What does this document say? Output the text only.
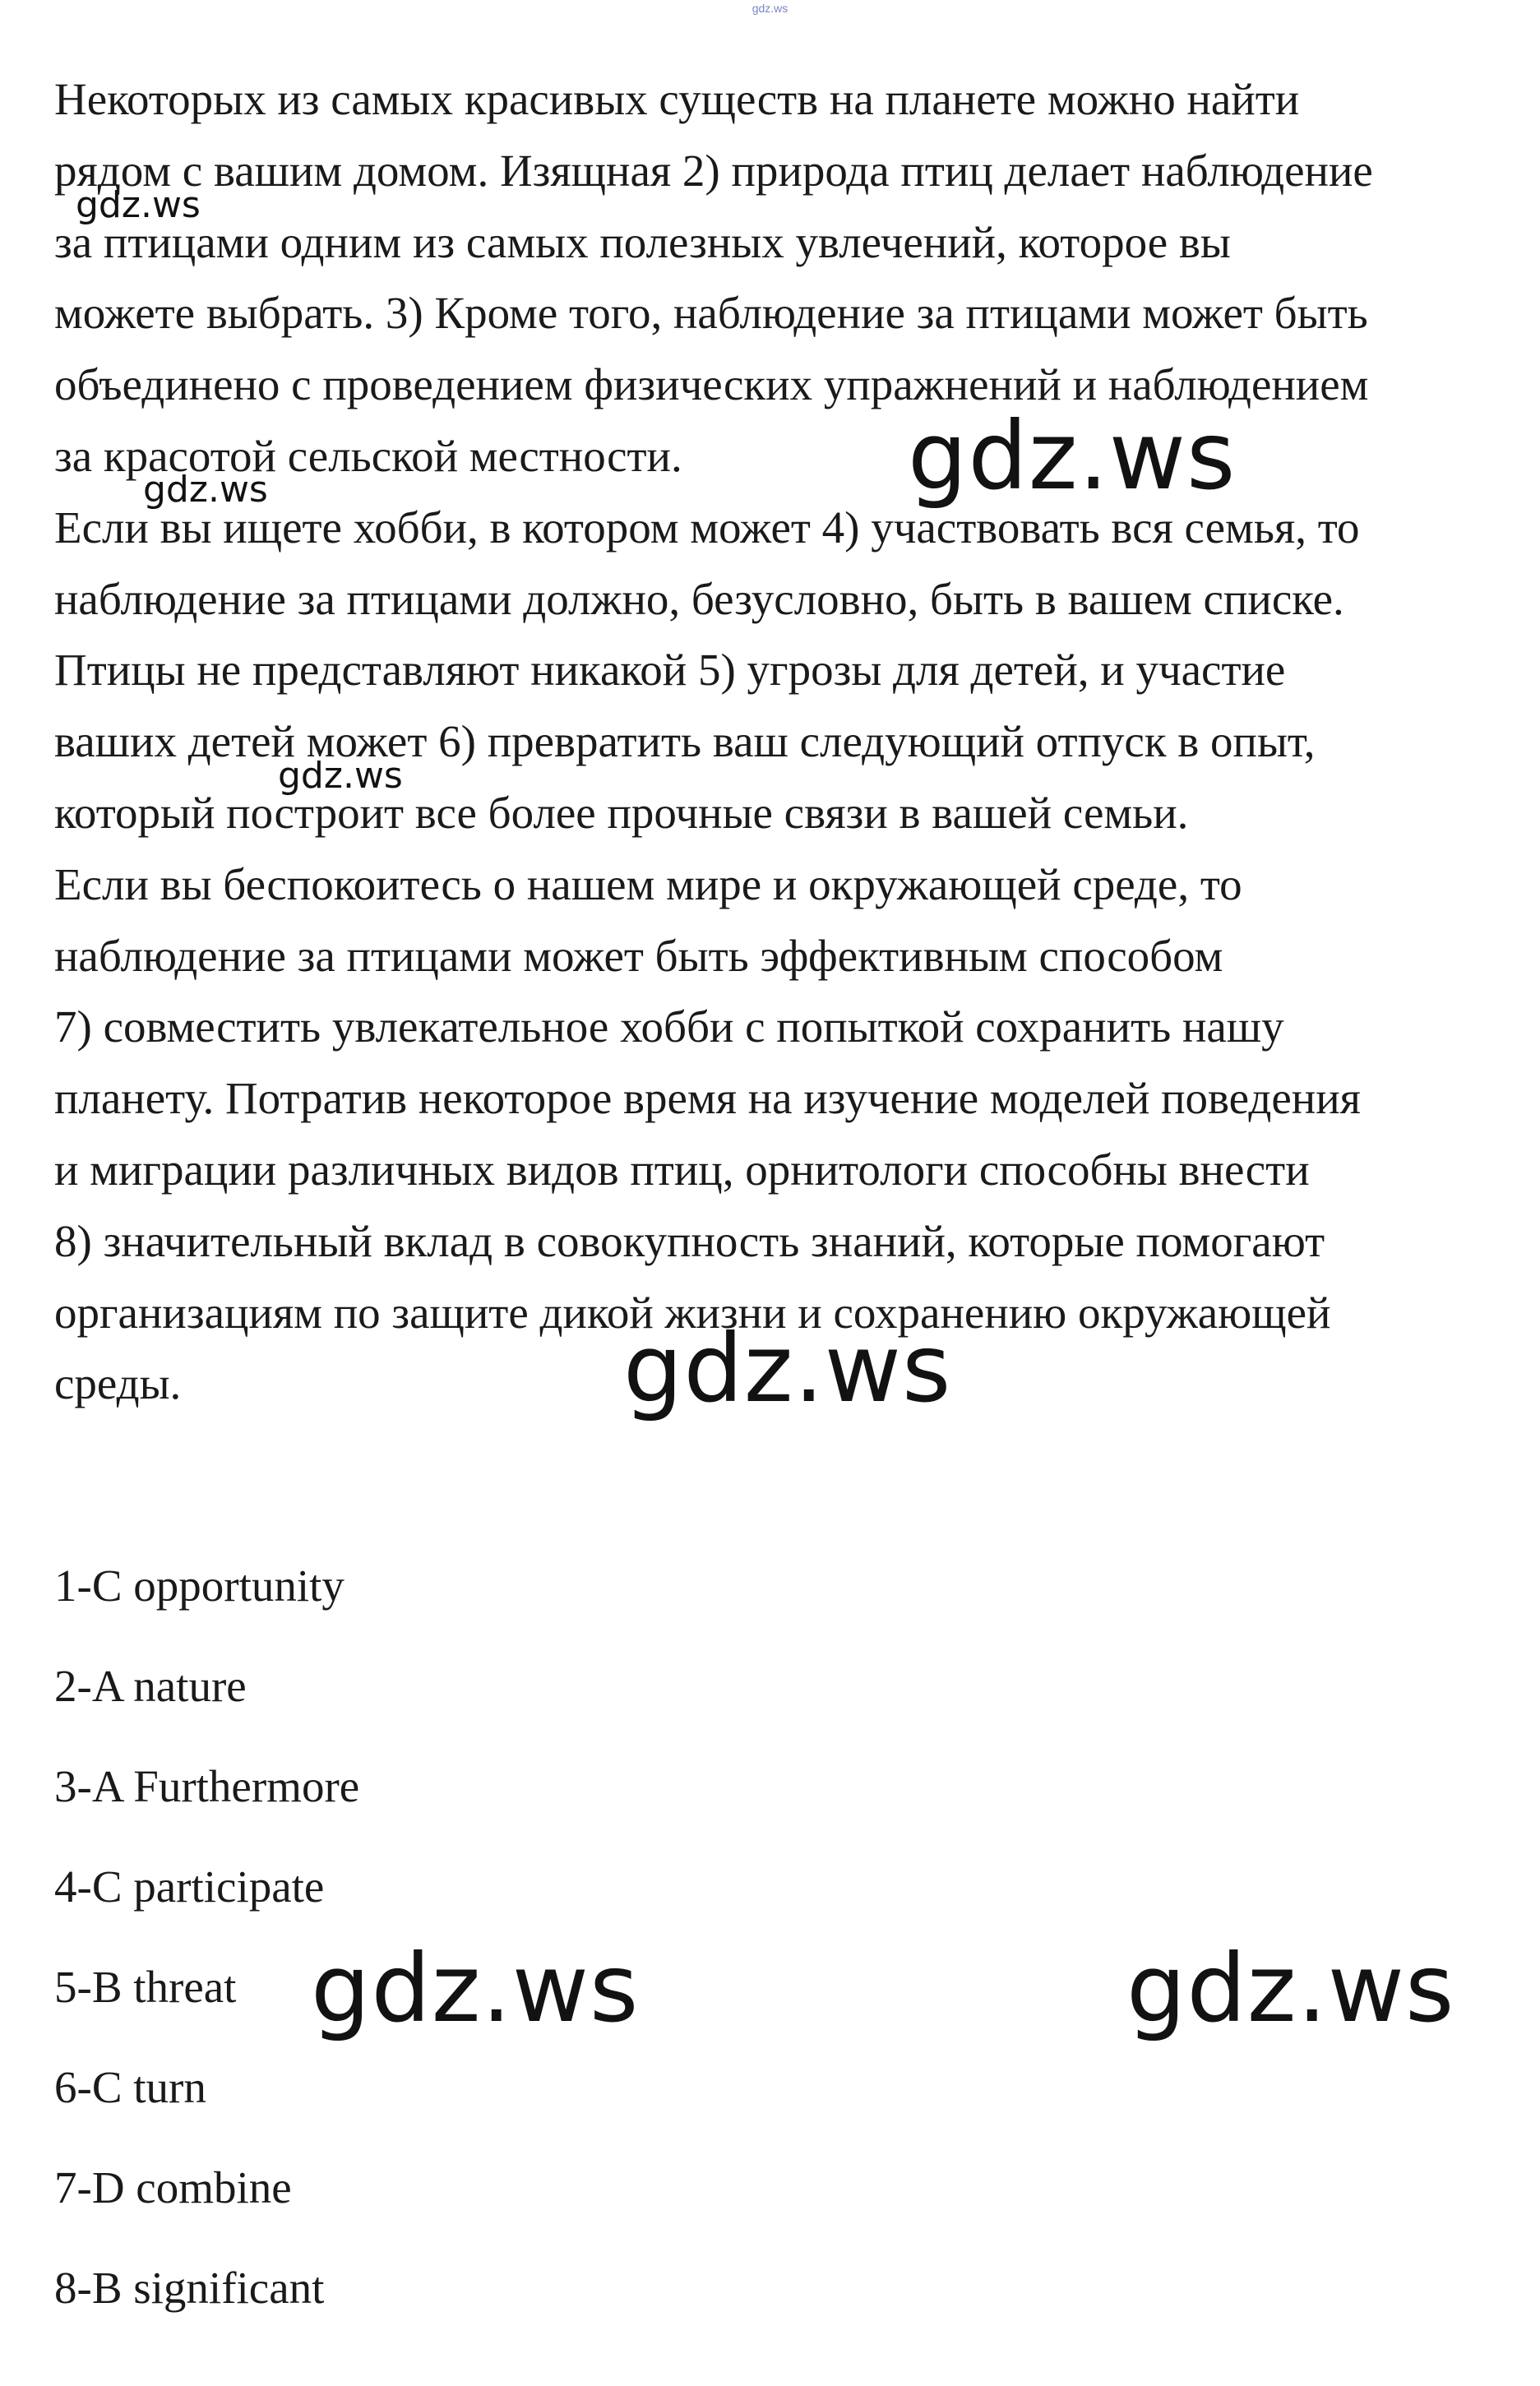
gdz.ws

Некоторых из самых красивых существ на планете можно найти

рядом с вашим домом. Изящная 2) природа птиц делает наблюдение

за птицами одним из самых полезных увлечений, которое вы

можете выбрать. 3) Кроме того, наблюдение за птицами может быть

объединено с проведением физических упражнений и наблюдением

за красотой сельской местности.

Если вы ищете хобби, в котором может 4) участвовать вся семья, то

наблюдение за птицами должно, безусловно, быть в вашем списке.

Птицы не представляют никакой 5) угрозы для детей, и участие

ваших детей может 6) превратить ваш следующий отпуск в опыт,

который построит все более прочные связи в вашей семьи.

Если вы беспокоитесь о нашем мире и окружающей среде, то

наблюдение за птицами может быть эффективным способом

7) совместить увлекательное хобби с попыткой сохранить нашу

планету. Потратив некоторое время на изучение моделей поведения

и миграции различных видов птиц, орнитологи способны внести

8) значительный вклад в совокупность знаний, которые помогают

организациям по защите дикой жизни и сохранению окружающей

среды.

1-C opportunity

2-A nature

3-A Furthermore

4-C participate

5-B threat

6-C turn

7-D combine

8-B significant

gdz.ws
gdz.ws
gdz.ws
gdz.ws
gdz.ws
gdz.ws	gdz.ws
